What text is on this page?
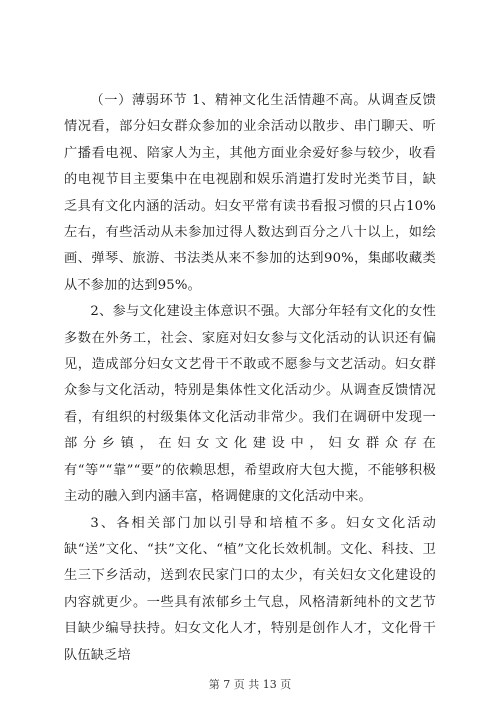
（一）薄弱环节 1、精神文化生活情趣不高。从调查反馈情况看，部分妇女群众参加的业余活动以散步、串门聊天、听广播看电视、陪家人为主，其他方面业余爱好参与较少，收看的电视节目主要集中在电视剧和娱乐消遣打发时光类节目，缺乏具有文化内涵的活动。妇女平常有读书看报习惯的只占10%左右，有些活动从未参加过得人数达到百分之八十以上，如绘画、弹琴、旅游、书法类从来不参加的达到90%，集邮收藏类从不参加的达到95%。

2、参与文化建设主体意识不强。大部分年轻有文化的女性多数在外务工，社会、家庭对妇女参与文化活动的认识还有偏见，造成部分妇女文艺骨干不敢或不愿参与文艺活动。妇女群众参与文化活动，特别是集体性文化活动少。从调查反馈情况看，有组织的村级集体文化活动非常少。我们在调研中发现一部分乡镇，在妇女文化建设中，妇女群众存在有“等”“靠”“要”的依赖思想，希望政府大包大揽，不能够积极主动的融入到内涵丰富，格调健康的文化活动中来。

3、各相关部门加以引导和培植不多。妇女文化活动缺“送”文化、“扶”文化、“植”文化长效机制。文化、科技、卫生三下乡活动，送到农民家门口的太少，有关妇女文化建设的内容就更少。一些具有浓郁乡土气息，风格清新纯朴的文艺节目缺少编导扶持。妇女文化人才，特别是创作人才，文化骨干队伍缺乏培

第 7 页 共 13 页
